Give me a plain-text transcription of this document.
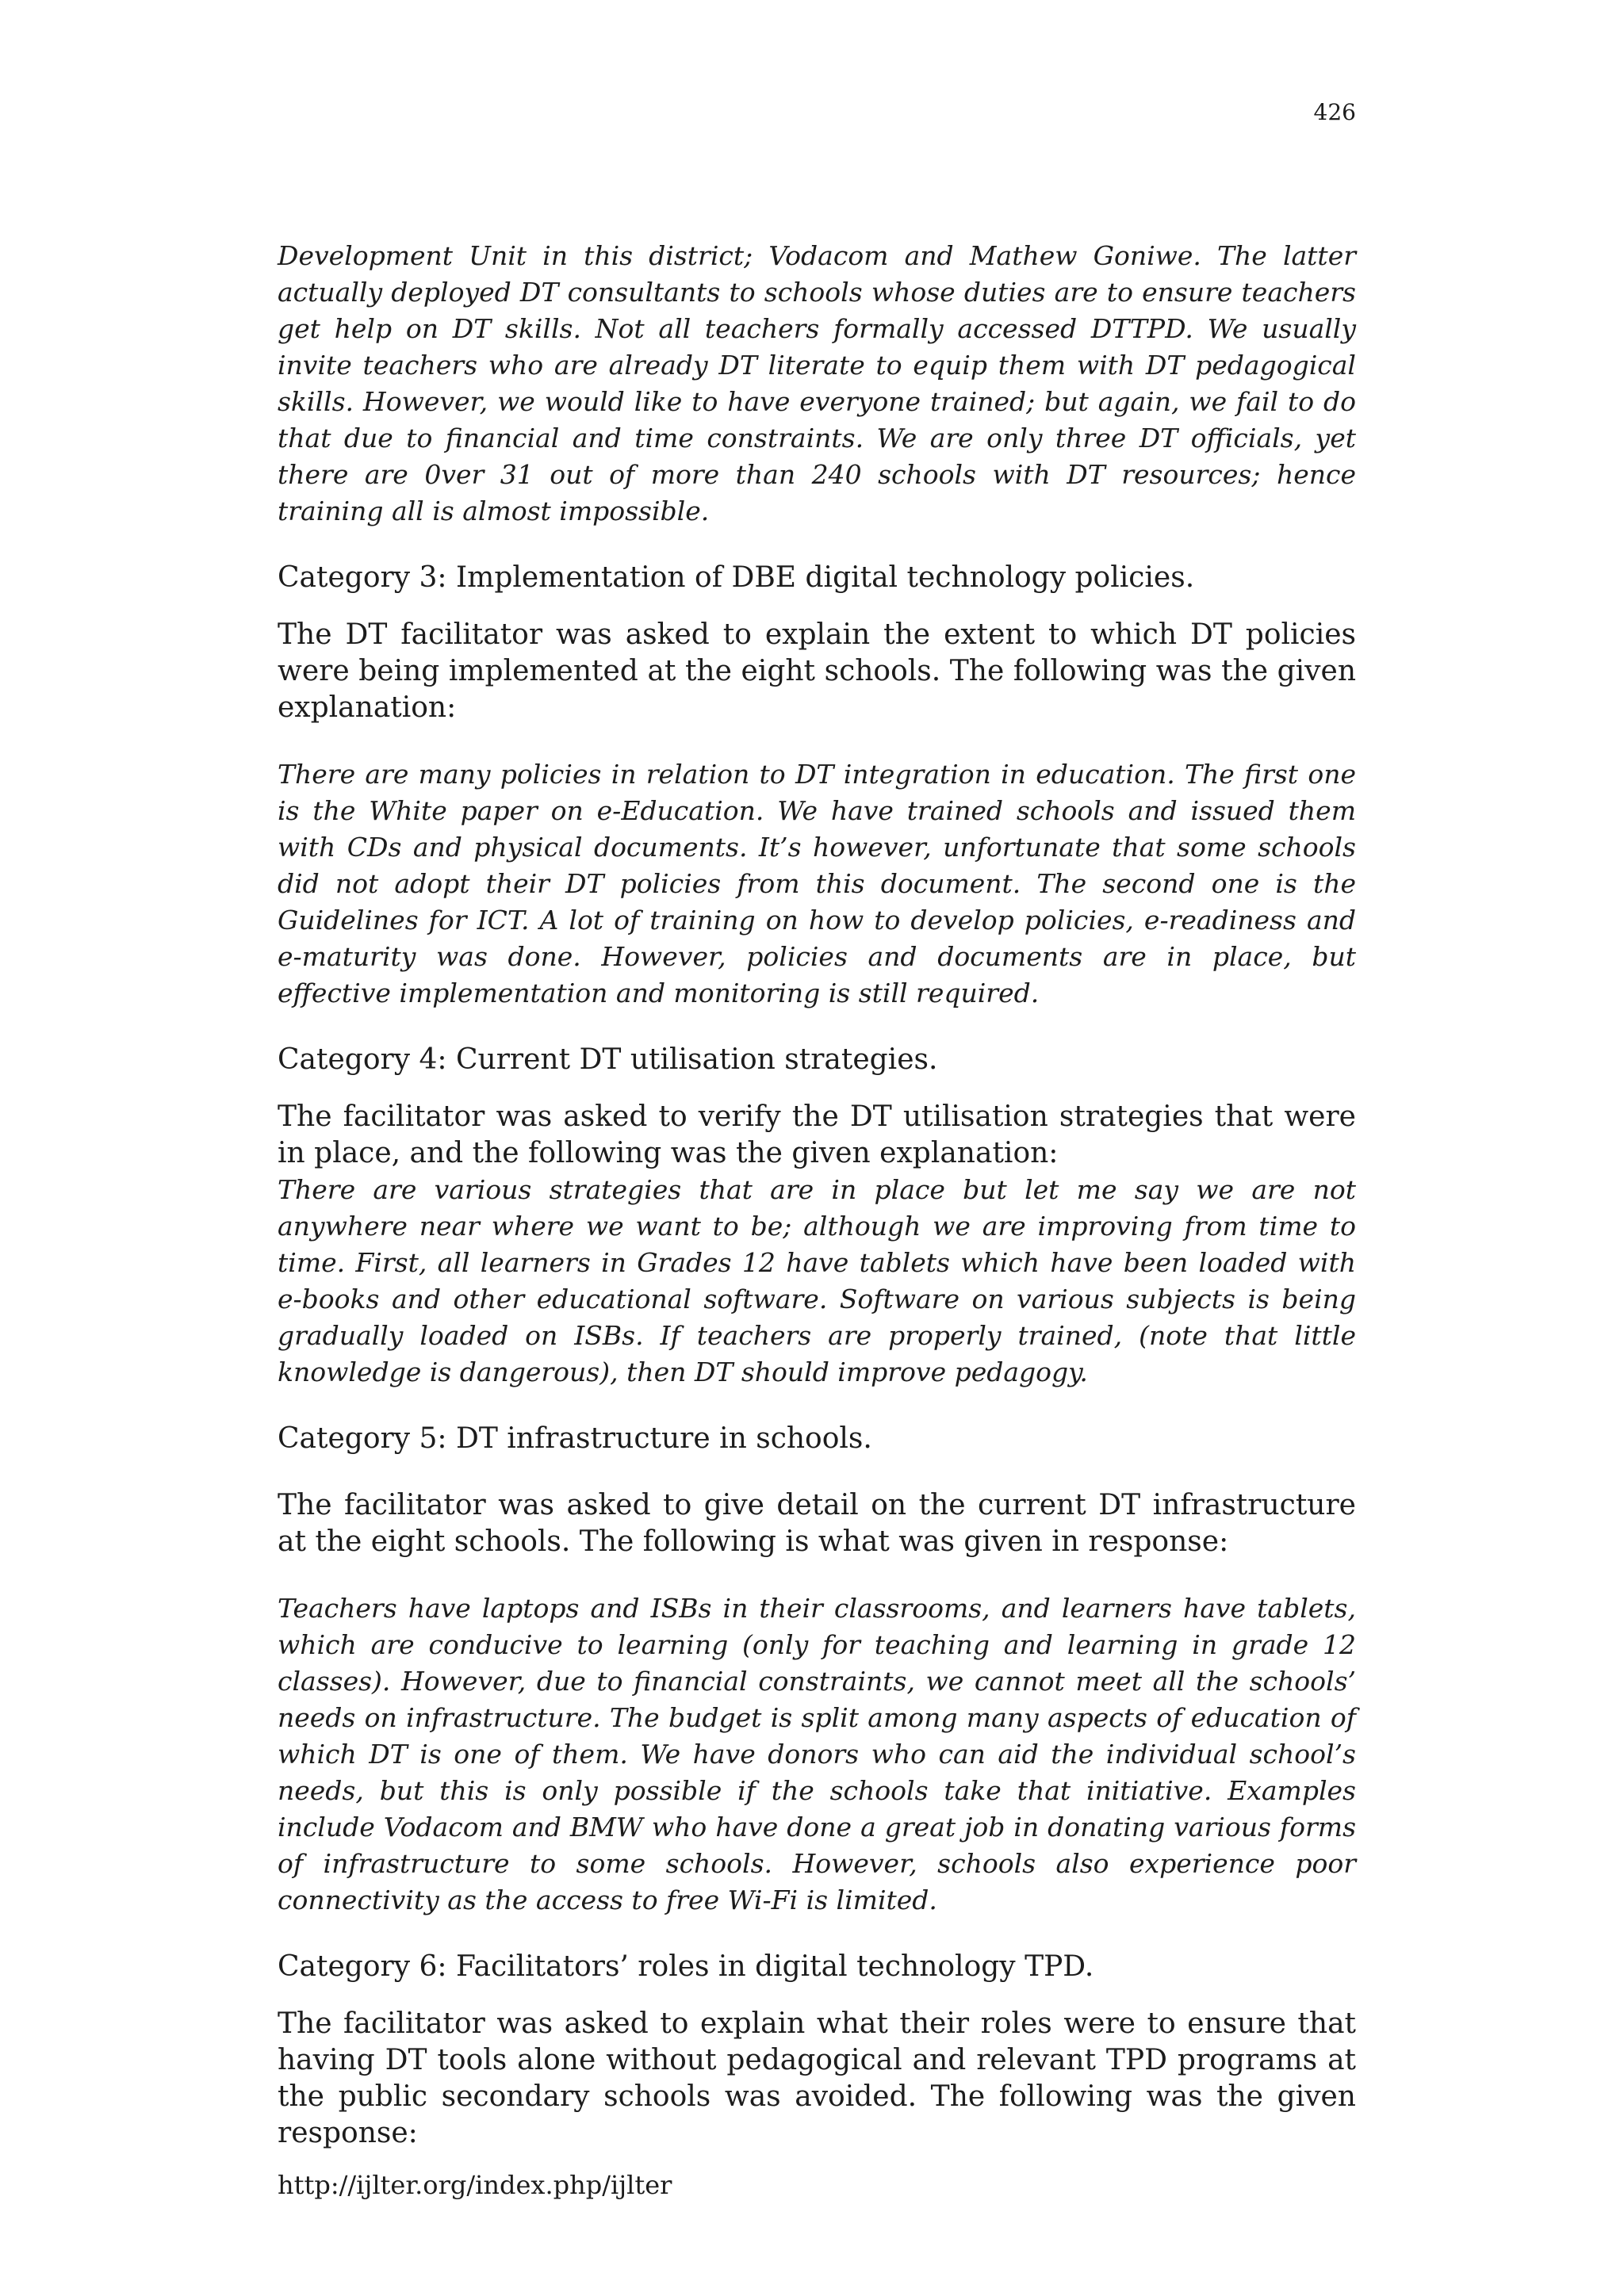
426

Development Unit in this district; Vodacom and Mathew Goniwe. The latter actually deployed DT consultants to schools whose duties are to ensure teachers get help on DT skills. Not all teachers formally accessed DTTPD. We usually invite teachers who are already DT literate to equip them with DT pedagogical skills. However, we would like to have everyone trained; but again, we fail to do that due to financial and time constraints. We are only three DT officials, yet there are 0ver 31 out of more than 240 schools with DT resources; hence training all is almost impossible.

Category 3: Implementation of DBE digital technology policies.

The DT facilitator was asked to explain the extent to which DT policies were being implemented at the eight schools. The following was the given explanation:

There are many policies in relation to DT integration in education. The first one is the White paper on e-Education. We have trained schools and issued them with CDs and physical documents. It’s however, unfortunate that some schools did not adopt their DT policies from this document. The second one is the Guidelines for ICT. A lot of training on how to develop policies, e-readiness and e-maturity was done. However, policies and documents are in place, but effective implementation and monitoring is still required.

Category 4: Current DT utilisation strategies.

The facilitator was asked to verify the DT utilisation strategies that were in place, and the following was the given explanation:

There are various strategies that are in place but let me say we are not anywhere near where we want to be; although we are improving from time to time. First, all learners in Grades 12 have tablets which have been loaded with e-books and other educational software. Software on various subjects is being gradually loaded on ISBs. If teachers are properly trained, (note that little knowledge is dangerous), then DT should improve pedagogy.

Category 5: DT infrastructure in schools.

The facilitator was asked to give detail on the current DT infrastructure at the eight schools. The following is what was given in response:

Teachers have laptops and ISBs in their classrooms, and learners have tablets, which are conducive to learning (only for teaching and learning in grade 12 classes). However, due to financial constraints, we cannot meet all the schools’ needs on infrastructure. The budget is split among many aspects of education of which DT is one of them. We have donors who can aid the individual school’s needs, but this is only possible if the schools take that initiative. Examples include Vodacom and BMW who have done a great job in donating various forms of infrastructure to some schools. However, schools also experience poor connectivity as the access to free Wi-Fi is limited.

Category 6: Facilitators’ roles in digital technology TPD.

The facilitator was asked to explain what their roles were to ensure that having DT tools alone without pedagogical and relevant TPD programs at the public secondary schools was avoided. The following was the given response:

http://ijlter.org/index.php/ijlter
